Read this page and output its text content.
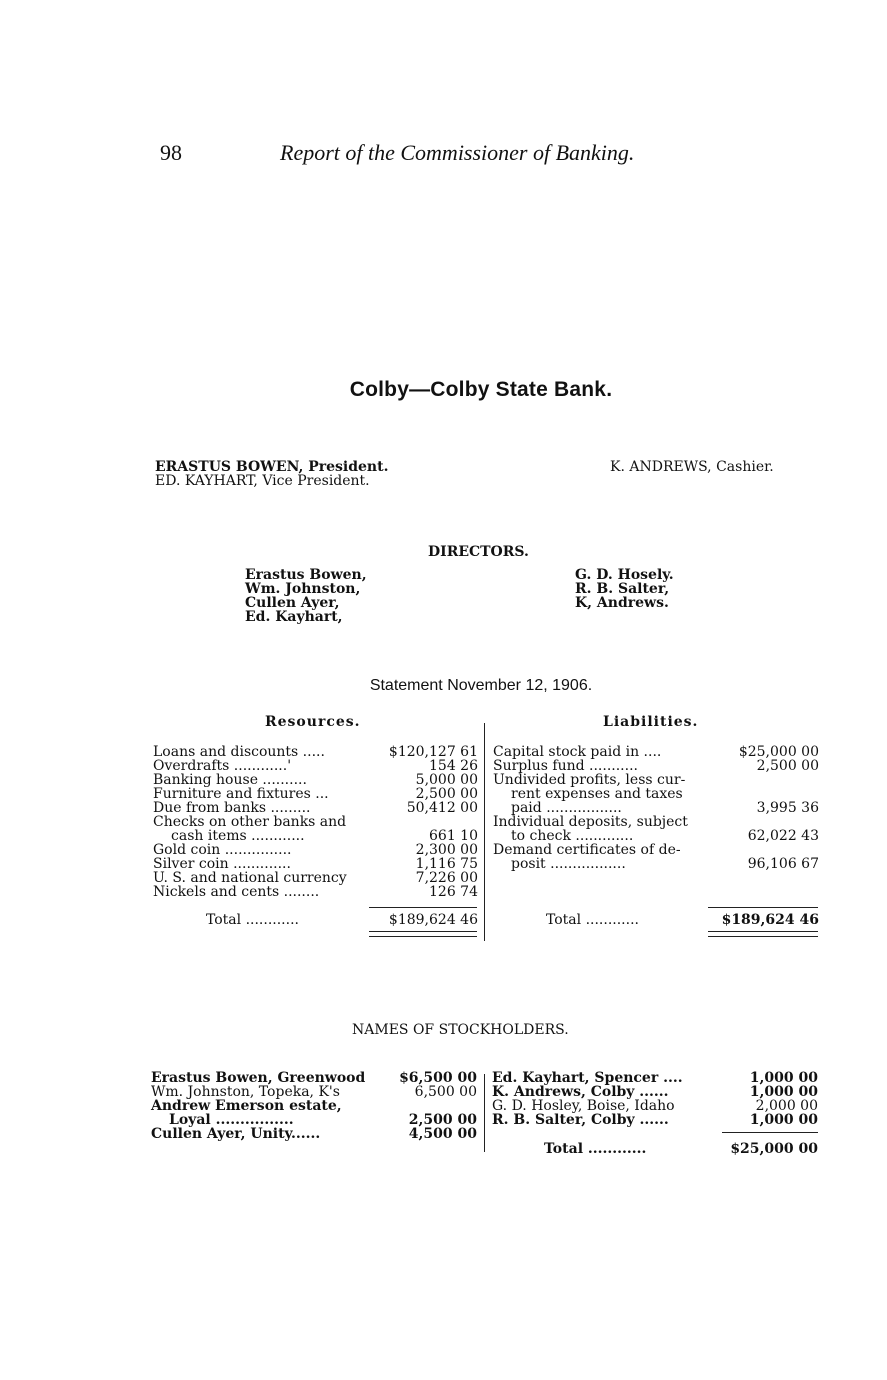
98	Report of the Commissioner of Banking.
Colby—Colby State Bank.
ERASTUS BOWEN, President.
ED. KAYHART, Vice President.
K. ANDREWS, Cashier.
DIRECTORS.
Erastus Bowen,
Wm. Johnston,
Cullen Ayer,
Ed. Kayhart,
G. D. Hosely.
R. B. Salter,
K, Andrews.
Statement November 12, 1906.
Resources.	Liabilities.
Loans and discounts .....	$120,127 61
Overdrafts ............'	154 26
Banking house ..........	5,000 00
Furniture and fixtures ...	2,500 00
Due from banks .........	50,412 00
Checks on other banks and
cash items ............	661 10
Gold coin ...............	2,300 00
Silver coin .............	1,116 75
U. S. and national currency	7,226 00
Nickels and cents ........	126 74
Total ............	$189,624 46
Capital stock paid in ....	$25,000 00
Surplus fund ...........	2,500 00
Undivided profits, less cur-
rent expenses and taxes
paid .................	3,995 36
Individual deposits, subject
to check .............	62,022 43
Demand certificates of de-
posit .................	96,106 67
Total ............	$189,624 46
NAMES OF STOCKHOLDERS.
Erastus Bowen, Greenwood $6,500 00
Wm. Johnston, Topeka, K's	6,500 00
Andrew Emerson estate,
Loyal ................	2,500 00
Cullen Ayer, Unity......	4,500 00
Ed. Kayhart, Spencer ....	1,000 00
K. Andrews, Colby ......	1,000 00
G. D. Hosley, Boise, Idaho	2,000 00
R. B. Salter, Colby ......	1,000 00
Total ............	$25,000 00
